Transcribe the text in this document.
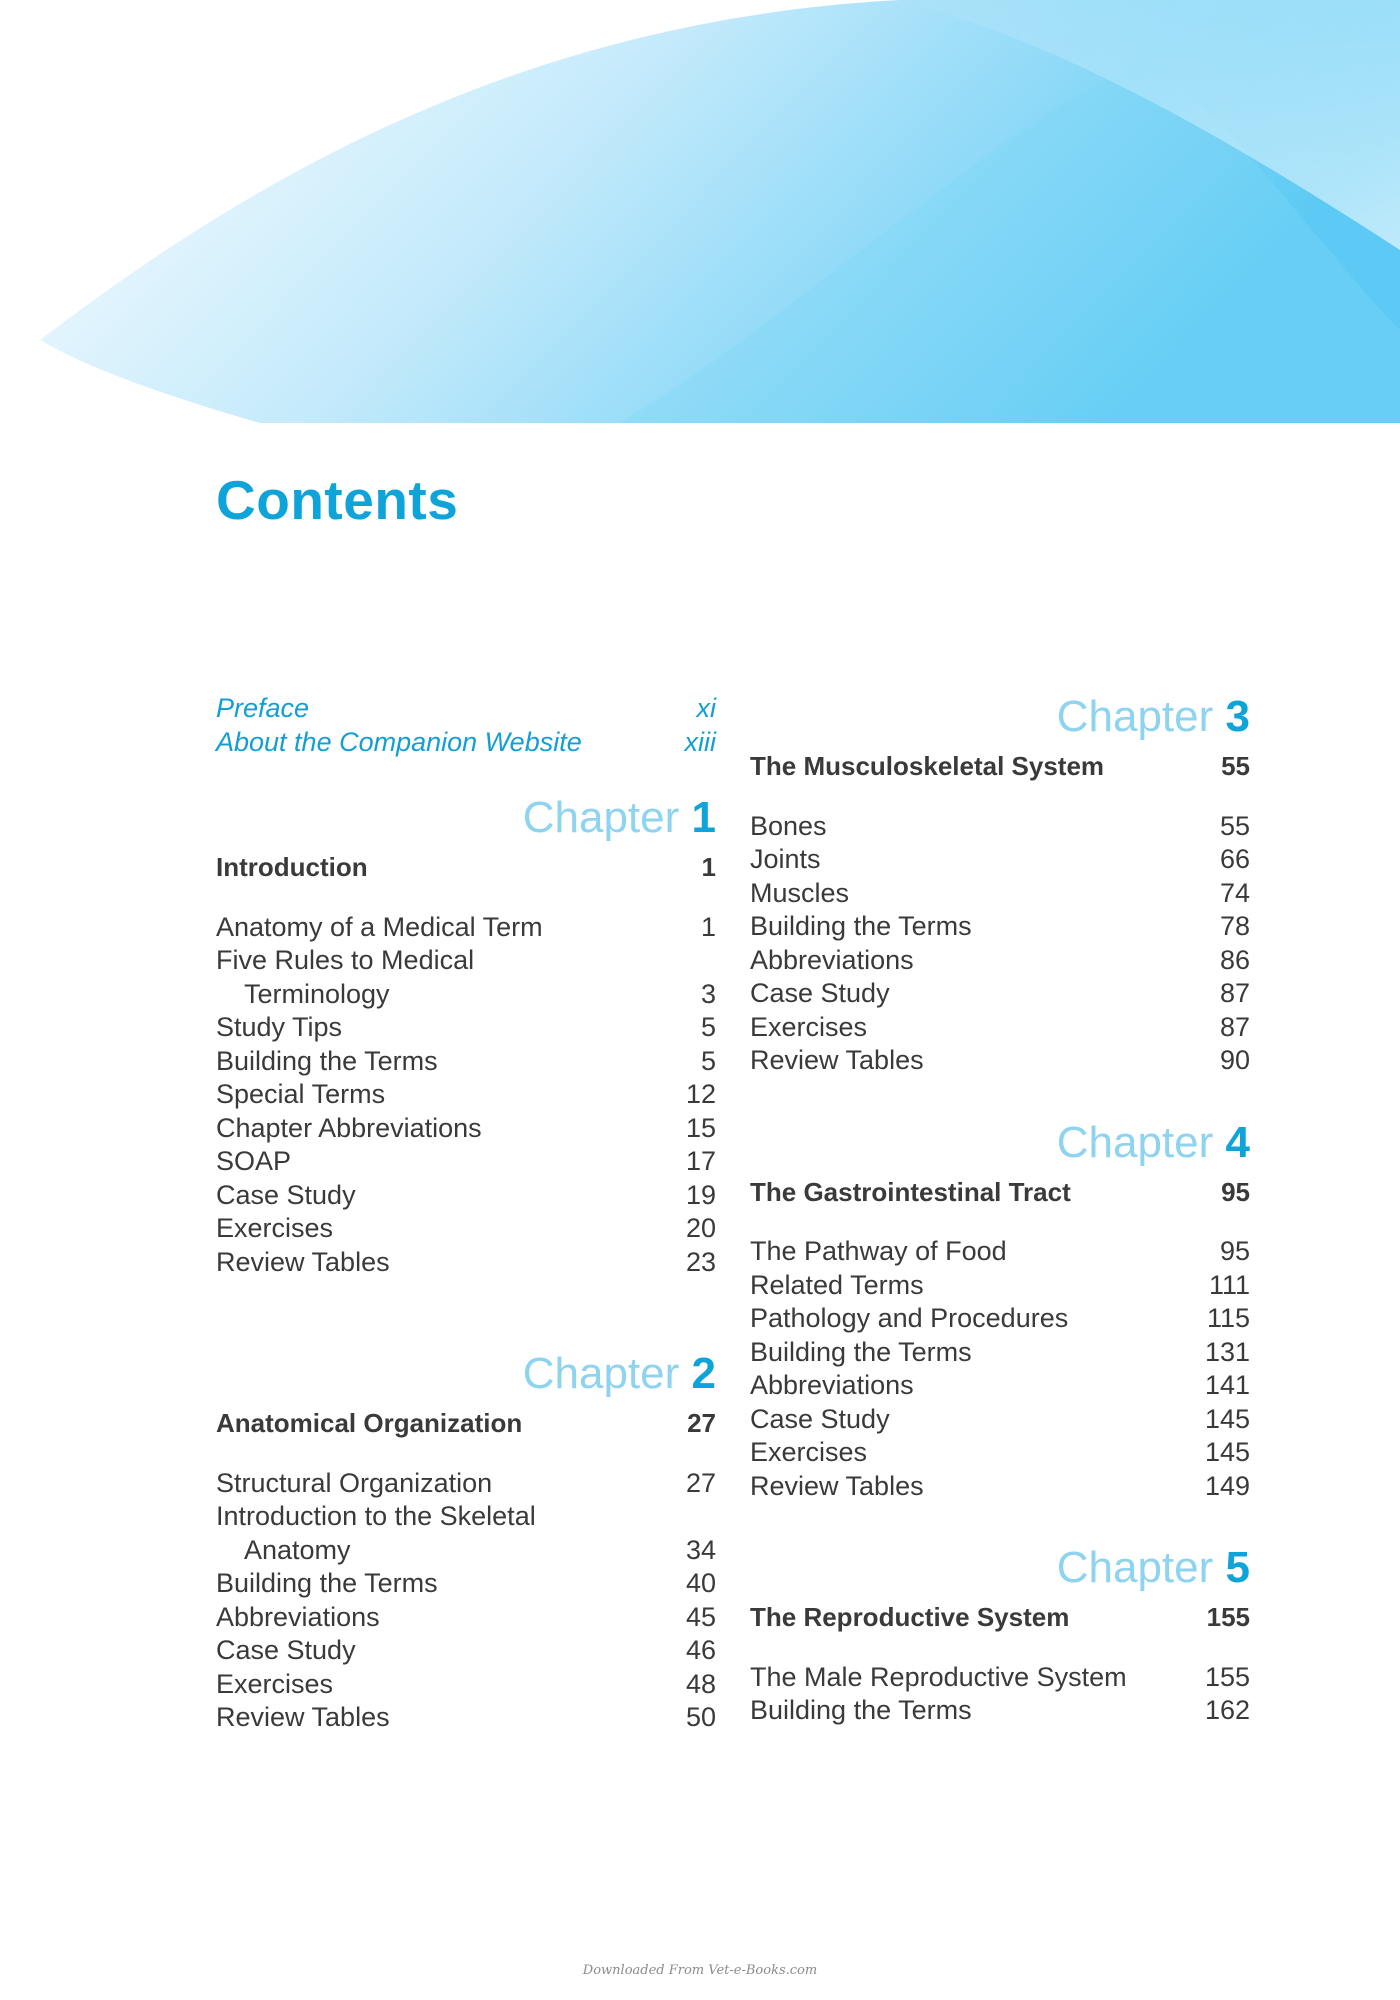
Contents
Preface	xi
About the Companion Website	xiii
Chapter 1
Introduction	1
Anatomy of a Medical Term	1
Five Rules to Medical
Terminology	3
Study Tips	5
Building the Terms	5
Special Terms	12
Chapter Abbreviations	15
SOAP	17
Case Study	19
Exercises	20
Review Tables	23
Chapter 2
Anatomical Organization	27
Structural Organization	27
Introduction to the Skeletal
Anatomy	34
Building the Terms	40
Abbreviations	45
Case Study	46
Exercises	48
Review Tables	50
Chapter 3
The Musculoskeletal System	55
Bones	55
Joints	66
Muscles	74
Building the Terms	78
Abbreviations	86
Case Study	87
Exercises	87
Review Tables	90
Chapter 4
The Gastrointestinal Tract	95
The Pathway of Food	95
Related Terms	111
Pathology and Procedures	115
Building the Terms	131
Abbreviations	141
Case Study	145
Exercises	145
Review Tables	149
Chapter 5
The Reproductive System	155
The Male Reproductive System	155
Building the Terms	162
Downloaded From Vet-e-Books.com
